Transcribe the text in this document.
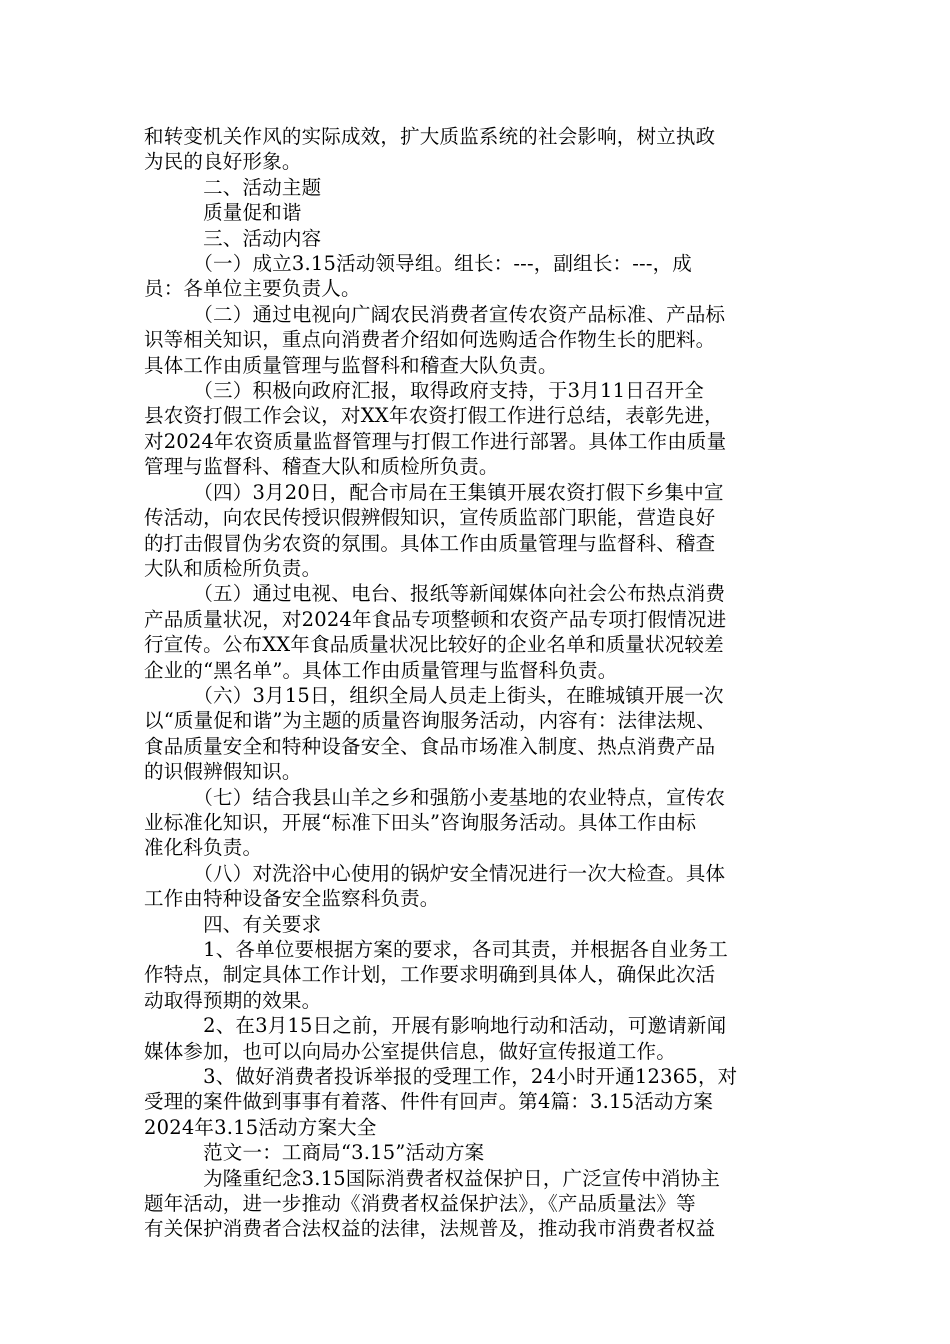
和转变机关作风的实际成效，扩大质监系统的社会影响，树立执政
为民的良好形象。
　　　二、活动主题
　　　质量促和谐
　　　三、活动内容
　　　（一）成立3.15活动领导组。组长：---，副组长：---，成
员：各单位主要负责人。
　　　（二）通过电视向广阔农民消费者宣传农资产品标准、产品标
识等相关知识，重点向消费者介绍如何选购适合作物生长的肥料。
具体工作由质量管理与监督科和稽查大队负责。
　　　（三）积极向政府汇报，取得政府支持，于3月11日召开全
县农资打假工作会议，对XX年农资打假工作进行总结，表彰先进，
对2024年农资质量监督管理与打假工作进行部署。具体工作由质量
管理与监督科、稽查大队和质检所负责。
　　　（四）3月20日，配合市局在王集镇开展农资打假下乡集中宣
传活动，向农民传授识假辨假知识，宣传质监部门职能，营造良好
的打击假冒伪劣农资的氛围。具体工作由质量管理与监督科、稽查
大队和质检所负责。
　　　（五）通过电视、电台、报纸等新闻媒体向社会公布热点消费
产品质量状况，对2024年食品专项整顿和农资产品专项打假情况进
行宣传。公布XX年食品质量状况比较好的企业名单和质量状况较差
企业的“黑名单”。具体工作由质量管理与监督科负责。
　　　（六）3月15日，组织全局人员走上街头，在睢城镇开展一次
以“质量促和谐”为主题的质量咨询服务活动，内容有：法律法规、
食品质量安全和特种设备安全、食品市场准入制度、热点消费产品
的识假辨假知识。
　　　（七）结合我县山羊之乡和强筋小麦基地的农业特点，宣传农
业标准化知识，开展“标准下田头”咨询服务活动。具体工作由标
准化科负责。
　　　（八）对洗浴中心使用的锅炉安全情况进行一次大检查。具体
工作由特种设备安全监察科负责。
　　　四、有关要求
　　　1、各单位要根据方案的要求，各司其责，并根据各自业务工
作特点，制定具体工作计划，工作要求明确到具体人，确保此次活
动取得预期的效果。
　　　2、在3月15日之前，开展有影响地行动和活动，可邀请新闻
媒体参加，也可以向局办公室提供信息，做好宣传报道工作。
　　　3、做好消费者投诉举报的受理工作，24小时开通12365，对
受理的案件做到事事有着落、件件有回声。第4篇：3.15活动方案
2024年3.15活动方案大全
　　　范文一：工商局“3.15”活动方案
　　　为隆重纪念3.15国际消费者权益保护日，广泛宣传中消协主
题年活动，进一步推动《消费者权益保护法》，《产品质量法》等
有关保护消费者合法权益的法律，法规普及，推动我市消费者权益
